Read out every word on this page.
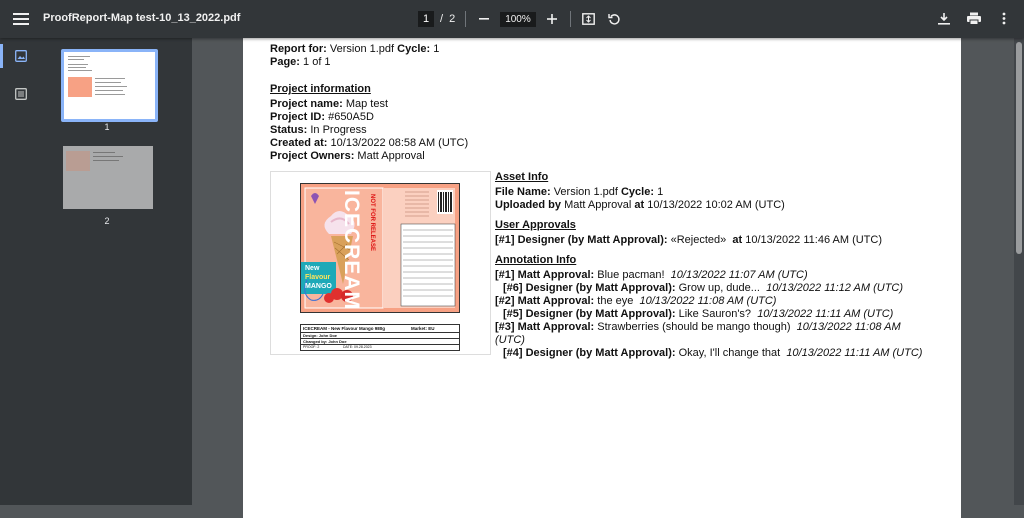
ProofReport-Map test-10_13_2022.pdf
1	/ 2	100%
1
2
Report for: Version 1.pdf Cycle: 1
Page: 1 of 1
Project information
Project name: Map test
Project ID: #650A5D
Status: In Progress
Created at: 10/13/2022 08:58 AM (UTC)
Project Owners: Matt Approval
ICECREAM NOT FOR RELEASE
New
Flavour
MANGO
ICECREAM - New Flavour Mango 980g	Market: EU
Design: John Doe
Changed by: John Doe
PROOF: 2	DATE: 09.28.2023
Asset Info
File Name: Version 1.pdf Cycle: 1
Uploaded by Matt Approval at 10/13/2022 10:02 AM (UTC)
User Approvals
[#1] Designer (by Matt Approval): «Rejected» at 10/13/2022 11:46 AM (UTC)
Annotation Info
[#1] Matt Approval: Blue pacman! 10/13/2022 11:07 AM (UTC)
[#6] Designer (by Matt Approval): Grow up, dude... 10/13/2022 11:12 AM (UTC)
[#2] Matt Approval: the eye 10/13/2022 11:08 AM (UTC)
[#5] Designer (by Matt Approval): Like Sauron's? 10/13/2022 11:11 AM (UTC)
[#3] Matt Approval: Strawberries (should be mango though) 10/13/2022 11:08 AM
(UTC)
[#4] Designer (by Matt Approval): Okay, I'll change that 10/13/2022 11:11 AM (UTC)
